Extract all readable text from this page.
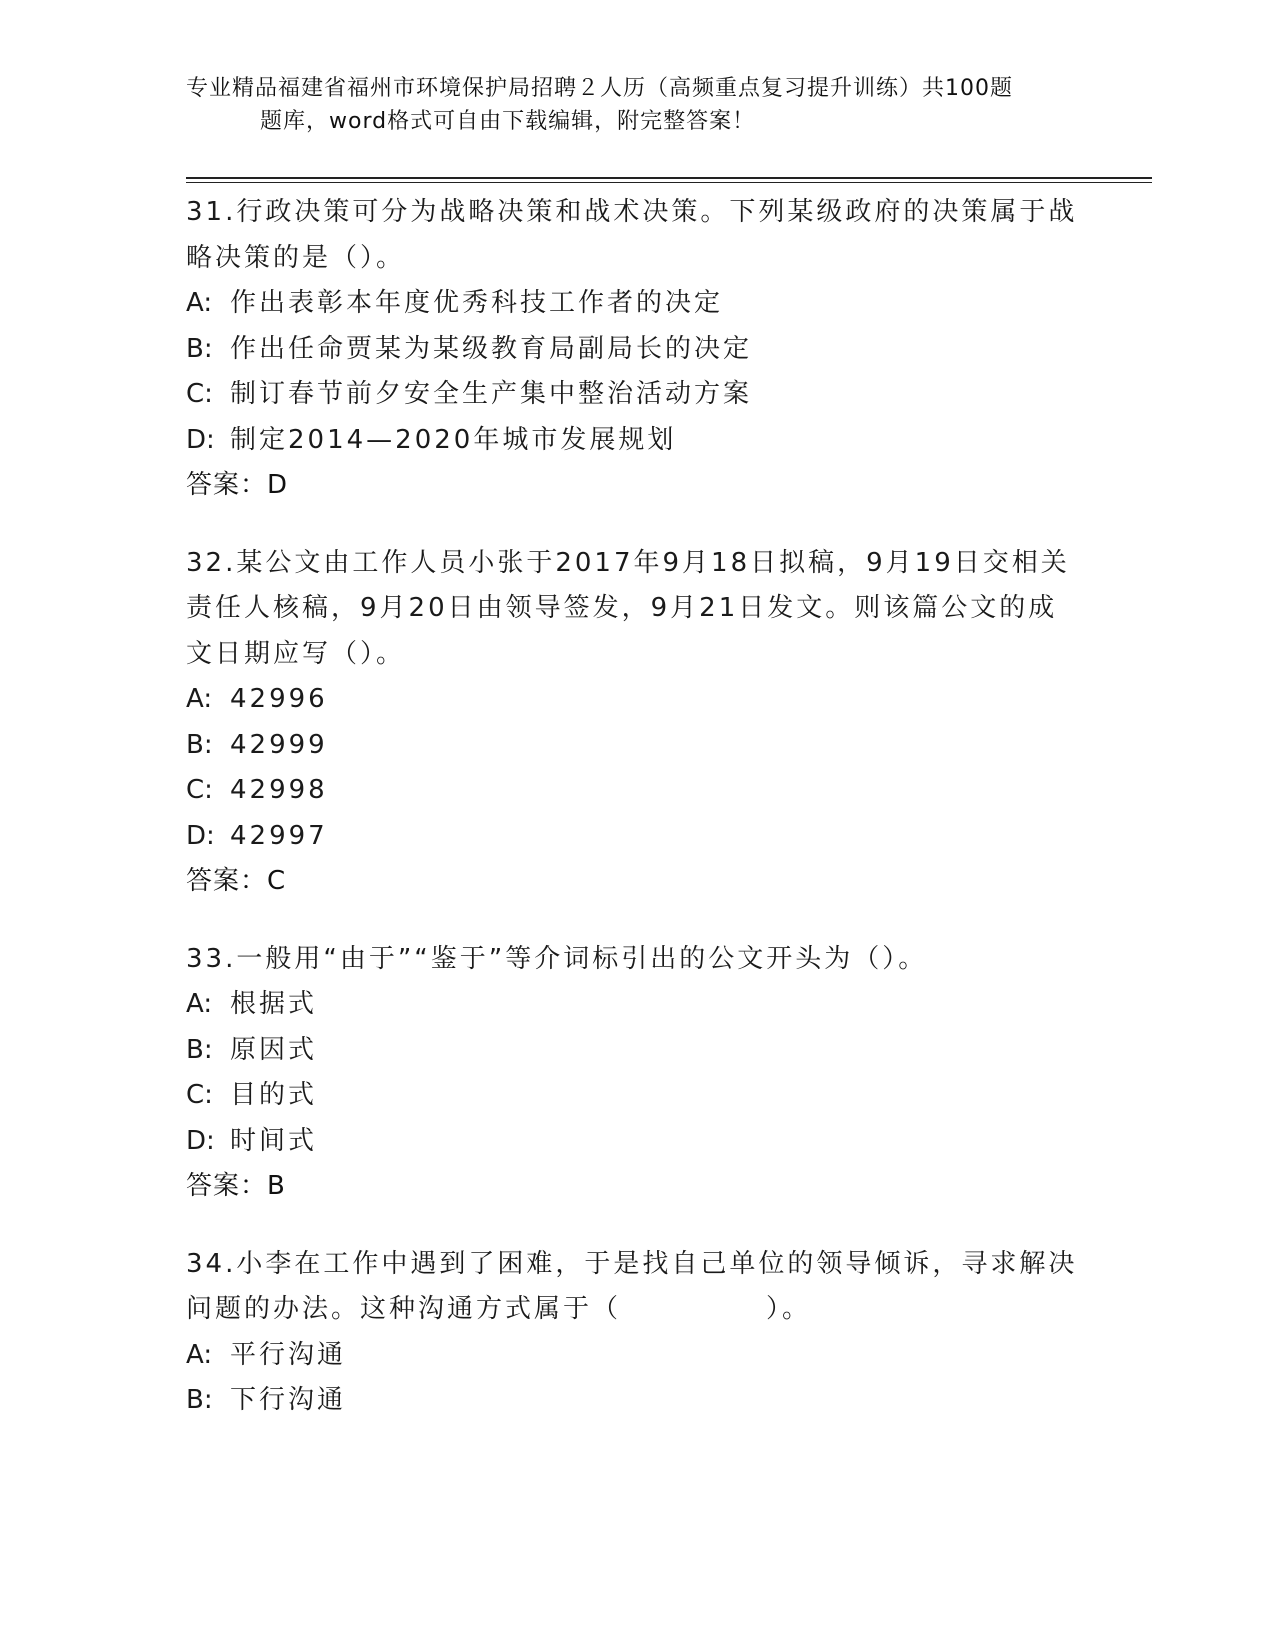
专业精品福建省福州市环境保护局招聘２人历（高频重点复习提升训练）共100题
题库，word格式可自由下载编辑，附完整答案！
31.行政决策可分为战略决策和战术决策。下列某级政府的决策属于战
略决策的是（）。
A: 作出表彰本年度优秀科技工作者的决定
B: 作出任命贾某为某级教育局副局长的决定
C: 制订春节前夕安全生产集中整治活动方案
D: 制定2014—2020年城市发展规划
答案：D
32.某公文由工作人员小张于2017年9月18日拟稿，9月19日交相关
责任人核稿，9月20日由领导签发，9月21日发文。则该篇公文的成
文日期应写（）。
A: 42996
B: 42999
C: 42998
D: 42997
答案：C
33.一般用“由于”“鉴于”等介词标引出的公文开头为（）。
A: 根据式
B: 原因式
C: 目的式
D: 时间式
答案：B
34.小李在工作中遇到了困难，于是找自己单位的领导倾诉，寻求解决
问题的办法。这种沟通方式属于（　　　　　）。
A: 平行沟通
B: 下行沟通
